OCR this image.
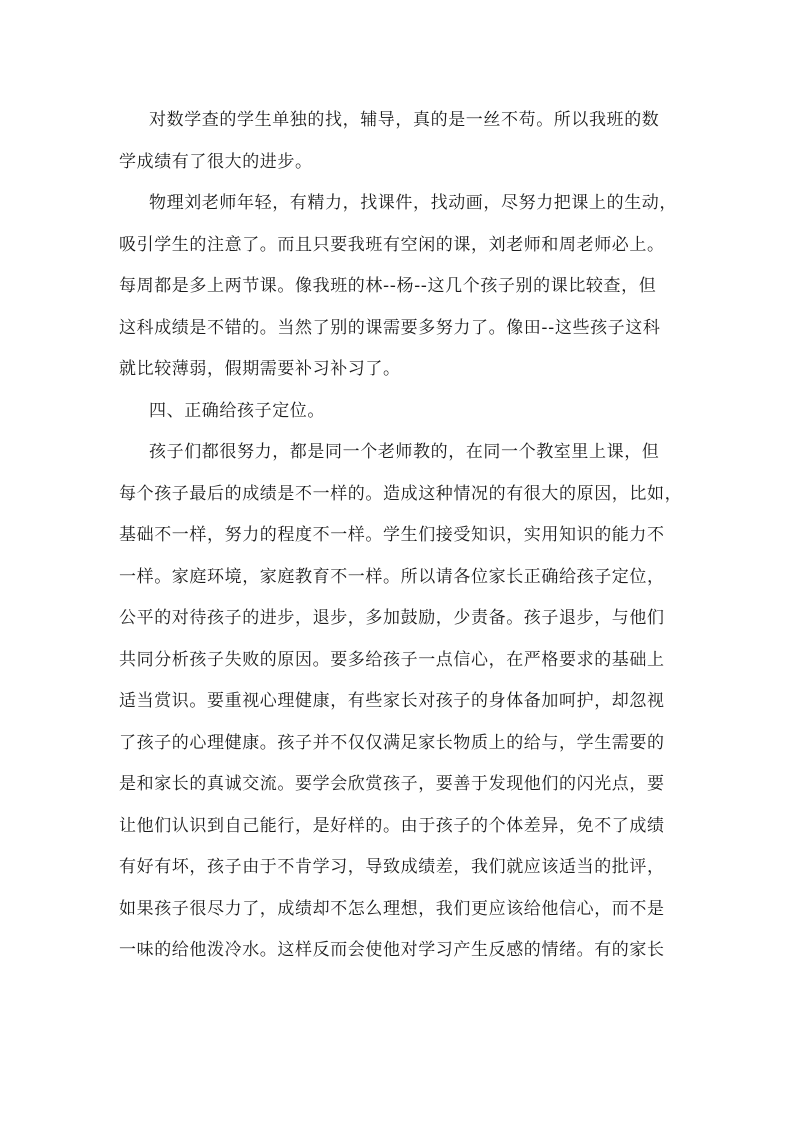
对数学查的学生单独的找，辅导，真的是一丝不苟。所以我班的数
学成绩有了很大的进步。
物理刘老师年轻，有精力，找课件，找动画，尽努力把课上的生动，
吸引学生的注意了。而且只要我班有空闲的课，刘老师和周老师必上。
每周都是多上两节课。像我班的林--杨--这几个孩子别的课比较查，但
这科成绩是不错的。当然了别的课需要多努力了。像田--这些孩子这科
就比较薄弱，假期需要补习补习了。
四、正确给孩子定位。
孩子们都很努力，都是同一个老师教的，在同一个教室里上课，但
每个孩子最后的成绩是不一样的。造成这种情况的有很大的原因，比如，
基础不一样，努力的程度不一样。学生们接受知识，实用知识的能力不
一样。家庭环境，家庭教育不一样。所以请各位家长正确给孩子定位，
公平的对待孩子的进步，退步，多加鼓励，少责备。孩子退步，与他们
共同分析孩子失败的原因。要多给孩子一点信心，在严格要求的基础上
适当赏识。要重视心理健康，有些家长对孩子的身体备加呵护，却忽视
了孩子的心理健康。孩子并不仅仅满足家长物质上的给与，学生需要的
是和家长的真诚交流。要学会欣赏孩子，要善于发现他们的闪光点，要
让他们认识到自己能行，是好样的。由于孩子的个体差异，免不了成绩
有好有坏，孩子由于不肯学习，导致成绩差，我们就应该适当的批评，
如果孩子很尽力了，成绩却不怎么理想，我们更应该给他信心，而不是
一味的给他泼冷水。这样反而会使他对学习产生反感的情绪。有的家长
